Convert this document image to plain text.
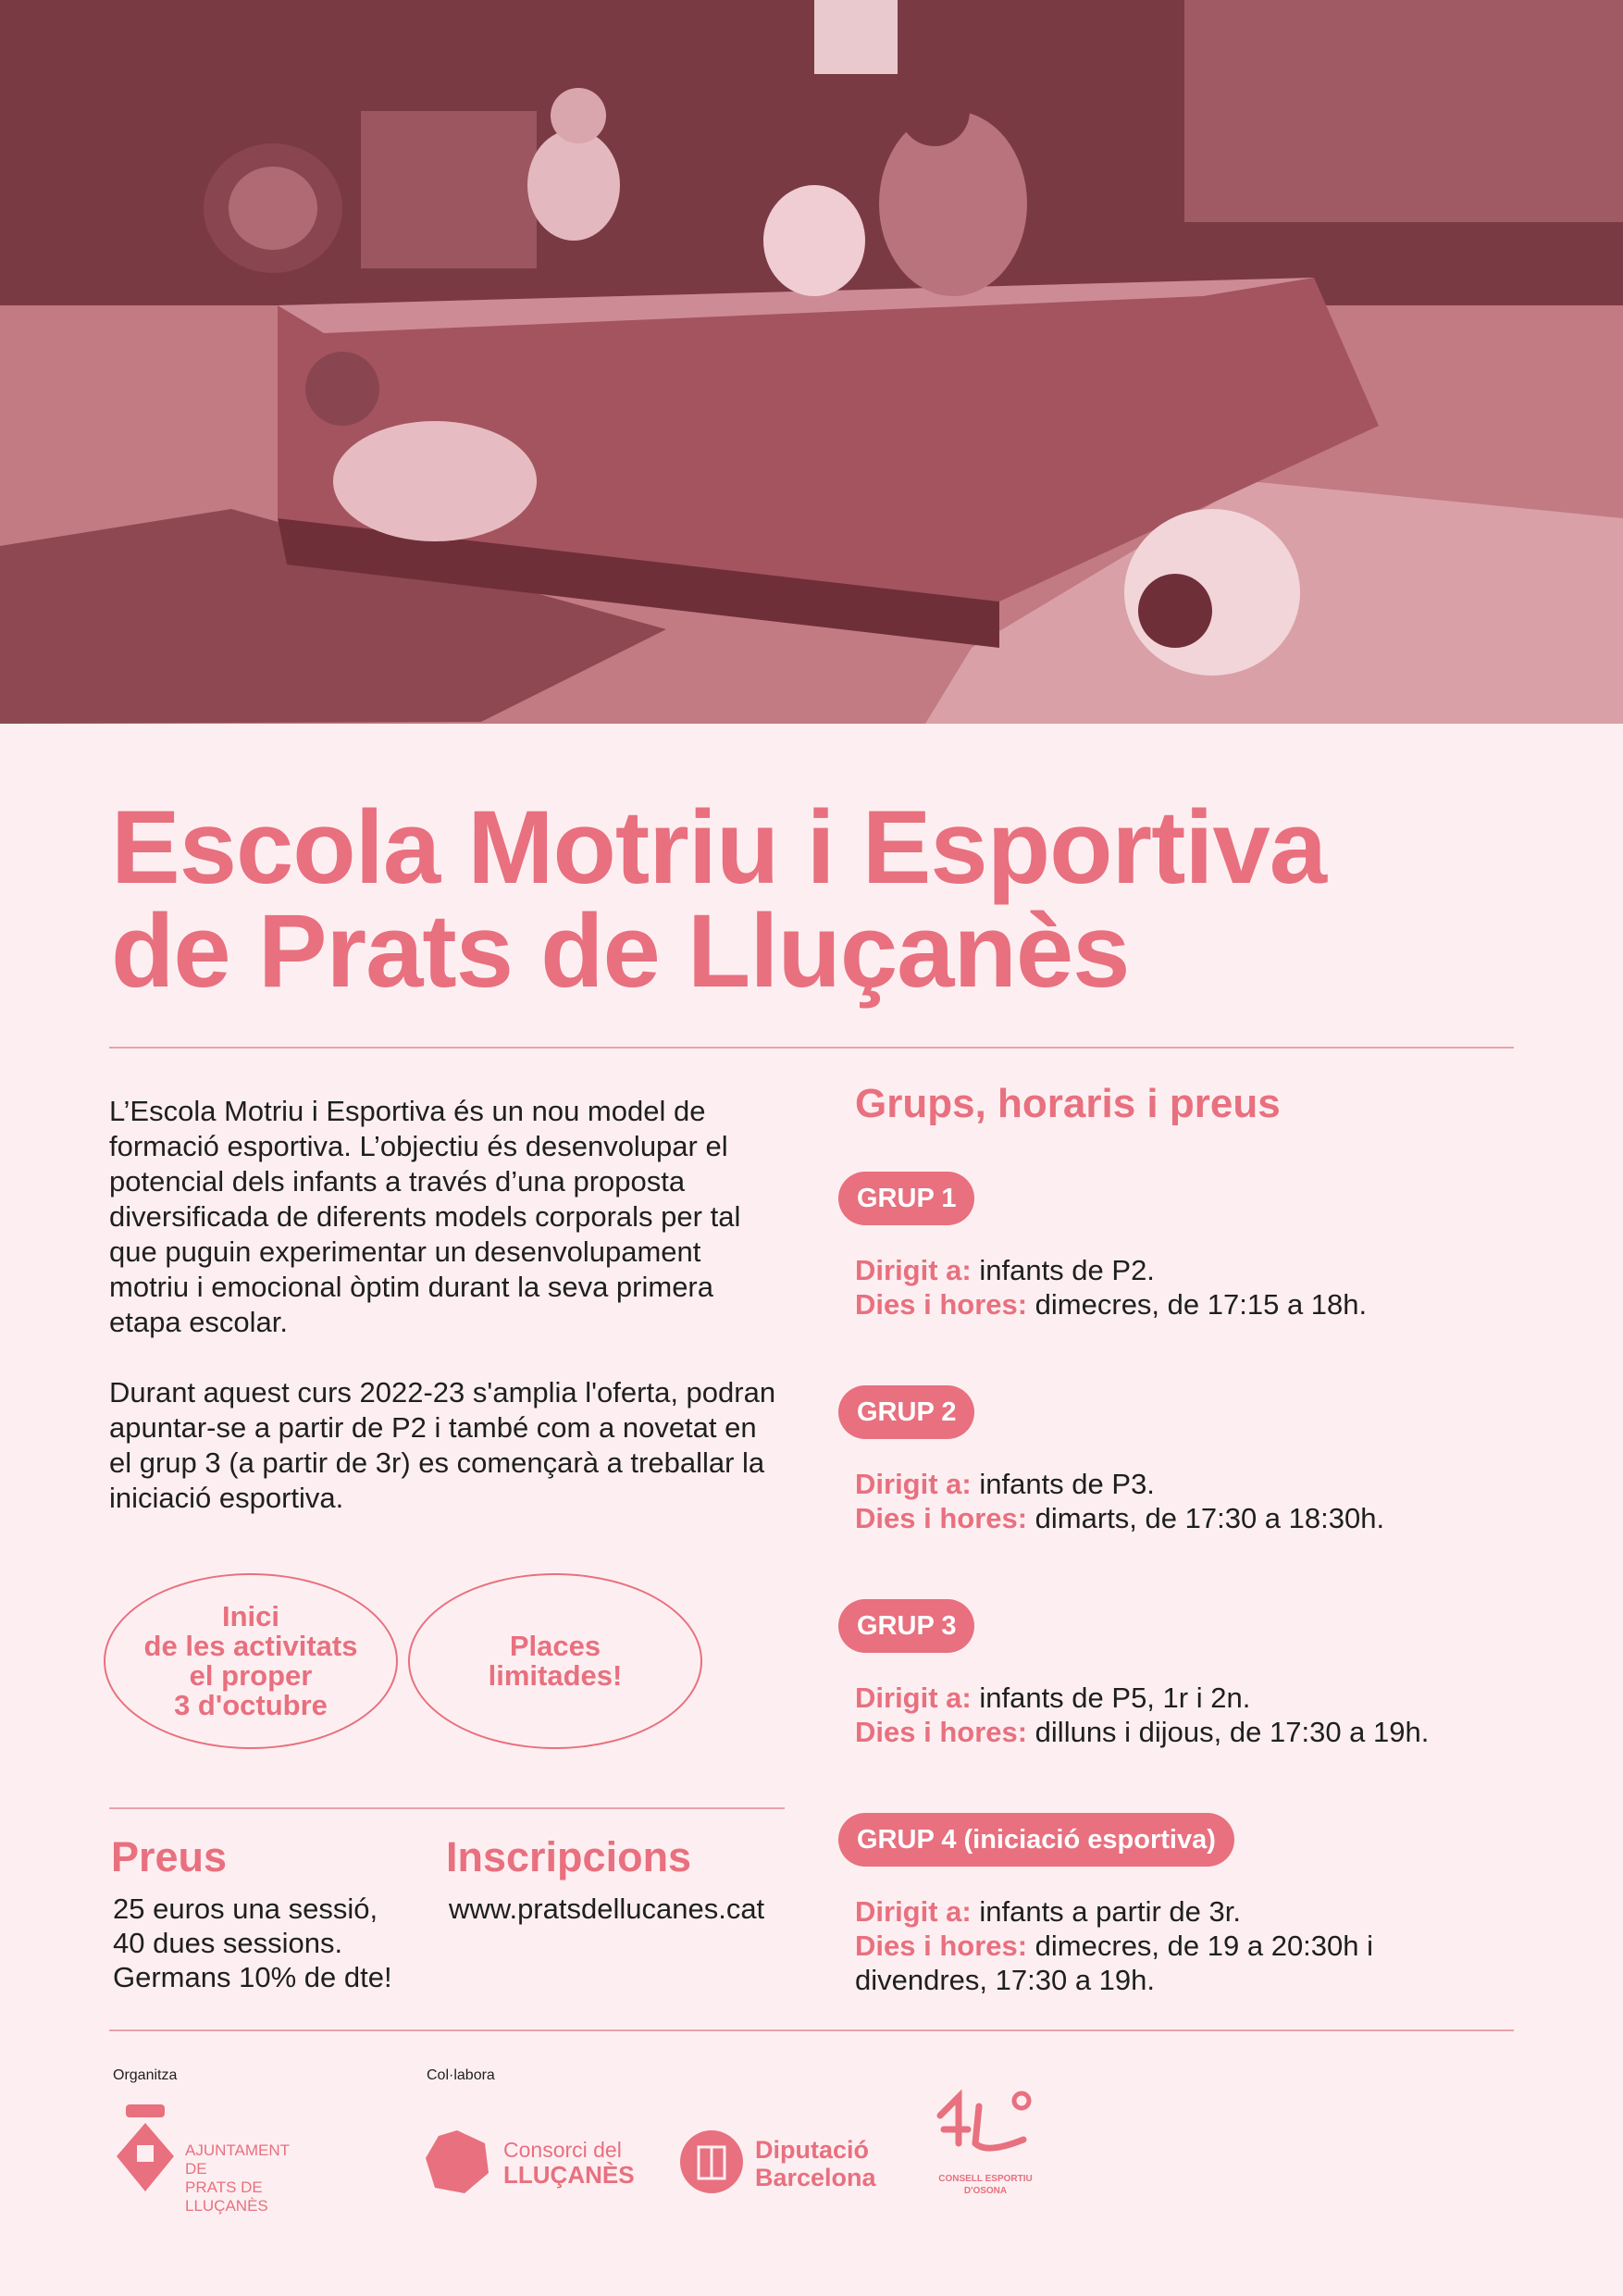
Escola Motriu i Esportiva
de Prats de Lluçanès

L’Escola Motriu i Esportiva és un nou model de formació esportiva. L’objectiu és desenvolupar el potencial dels infants a través d’una proposta diversificada de diferents models corporals per tal que puguin experimentar un desenvolupament motriu i emocional òptim durant la seva primera etapa escolar.

Durant aquest curs 2022-23 s'amplia l'oferta, podran apuntar-se a partir de P2 i també com a novetat en el grup 3 (a partir de 3r) es començarà a treballar la iniciació esportiva.

Inici
de les activitats
el proper
3 d'octubre
Places
limitades!
Preus
25 euros una sessió,
40 dues sessions.
Germans 10% de dte!
Inscripcions
www.pratsdellucanes.cat
Grups, horaris i preus
GRUP 1
Dirigit a: infants de P2.
Dies i hores: dimecres, de 17:15 a 18h.
GRUP 2
Dirigit a: infants de P3.
Dies i hores: dimarts, de 17:30 a 18:30h.
GRUP 3
Dirigit a: infants de P5, 1r i 2n.
Dies i hores: dilluns i dijous, de 17:30 a 19h.
GRUP 4 (iniciació esportiva)
Dirigit a: infants a partir de 3r.
Dies i hores: dimecres, de 19 a 20:30h i
divendres, 17:30 a 19h.
Organitza	Col·labora
AJUNTAMENT DE
PRATS DE LLUÇANÈS
Consorci del
LLUÇANÈS
Diputació
Barcelona	CONSELL ESPORTIU
D'OSONA
